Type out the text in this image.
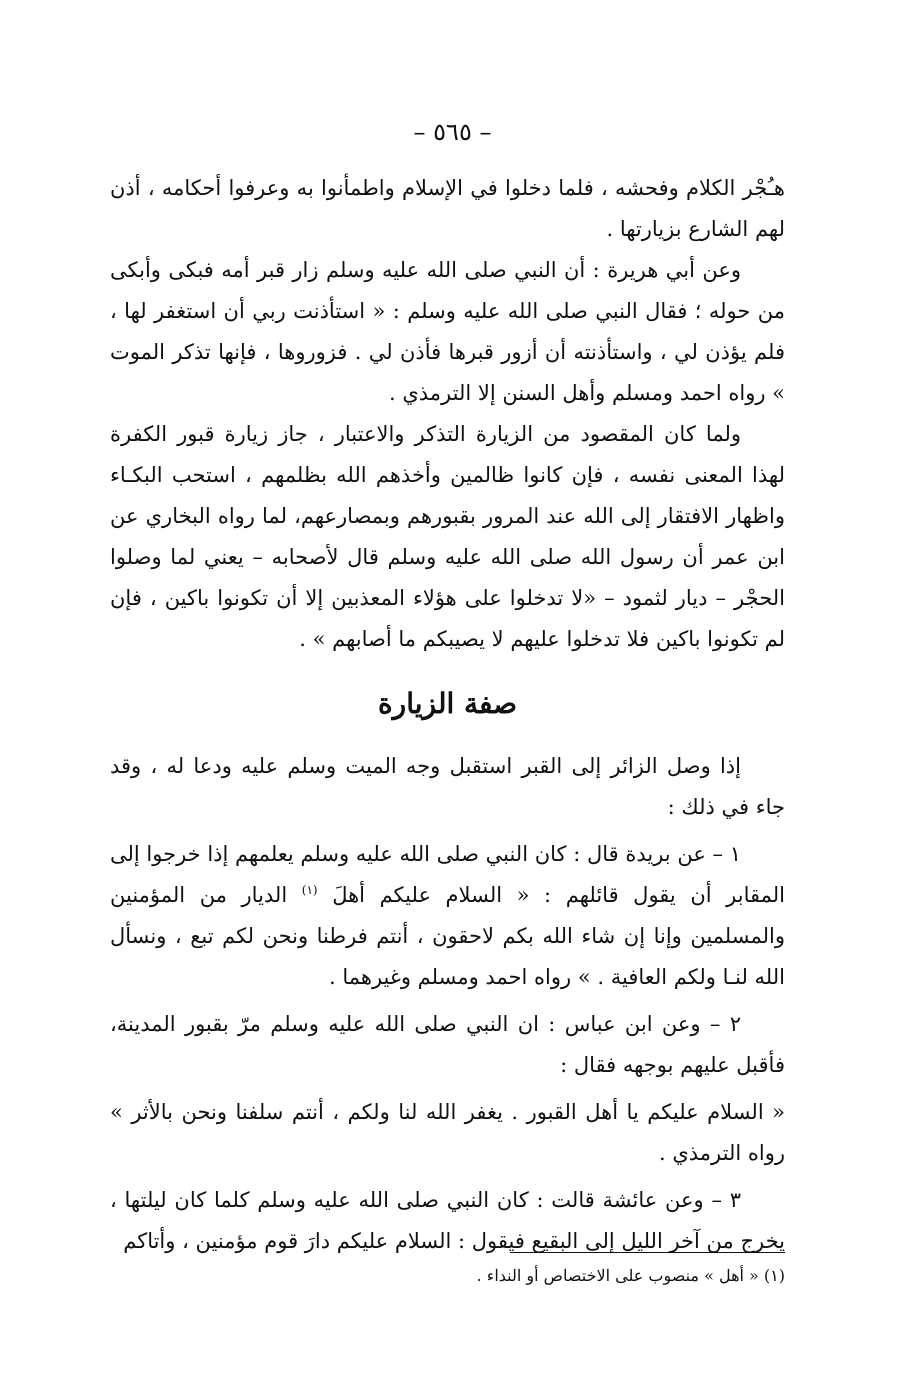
– ٥٦٥ –

هـُجْر الكلام وفحشه ، فلما دخلوا في الإسلام واطمأنوا به وعرفوا أحكامه ، أذن لهم الشارع بزيارتها .

وعن أبي هريرة : أن النبي صلى الله عليه وسلم زار قبر أمه فبكى وأبكى من حوله ؛ فقال النبي صلى الله عليه وسلم : « استأذنت ربي أن استغفر لها ، فلم يؤذن لي ، واستأذنته أن أزور قبرها فأذن لي . فزوروها ، فإنها تذكر الموت » رواه احمد ومسلم وأهل السنن إلا الترمذي .

ولما كان المقصود من الزيارة التذكر والاعتبار ، جاز زيارة قبور الكفرة لهذا المعنى نفسه ، فإن كانوا ظالمين وأخذهم الله بظلمهم ، استحب البكـاء واظهار الافتقار إلى الله عند المرور بقبورهم وبمصارعهم، لما رواه البخاري عن ابن عمر أن رسول الله صلى الله عليه وسلم قال لأصحابه – يعني لما وصلوا الحجْر – ديار لثمود – «لا تدخلوا على هؤلاء المعذبين إلا أن تكونوا باكين ، فإن لم تكونوا باكين فلا تدخلوا عليهم لا يصيبكم ما أصابهم » .

صفة الزيارة

إذا وصل الزائر إلى القبر استقبل وجه الميت وسلم عليه ودعا له ، وقد جاء في ذلك :

١ – عن بريدة قال : كان النبي صلى الله عليه وسلم يعلمهم إذا خرجوا إلى المقابر أن يقول قائلهم : « السلام عليكم أهلَ $^{(١)}$ الديار من المؤمنين والمسلمين وإنا إن شاء الله بكم لاحقون ، أنتم فرطنا ونحن لكم تبع ، ونسأل الله لنـا ولكم العافية . » رواه احمد ومسلم وغيرهما .

٢ – وعن ابن عباس : ان النبي صلى الله عليه وسلم مرّ بقبور المدينة، فأقبل عليهم بوجهه فقال :

« السلام عليكم يا أهل القبور . يغفر الله لنا ولكم ، أنتم سلفنا ونحن بالأثر » رواه الترمذي .

٣ – وعن عائشة قالت : كان النبي صلى الله عليه وسلم كلما كان ليلتها ، يخرج من آخر الليل إلى البقيع فيقول : السلام عليكم دارَ قوم مؤمنين ، وأتاكم

(١) « أهل » منصوب على الاختصاص أو النداء .
